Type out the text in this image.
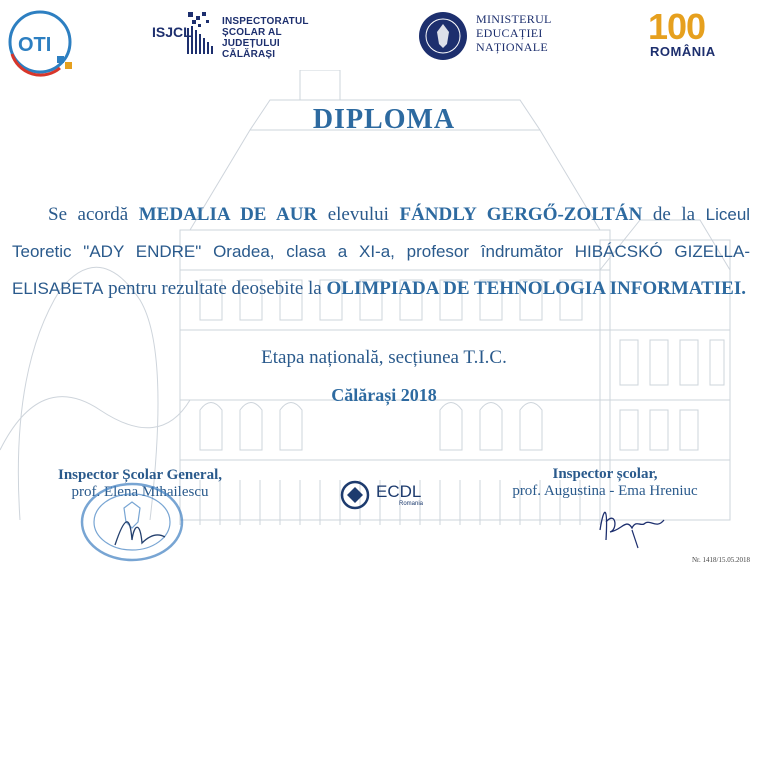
OTI
ISJCL
INSPECTORATUL
ȘCOLAR AL
JUDEȚULUI
CĂLĂRAȘI
MINISTERUL
EDUCAȚIEI
NAȚIONALE	100
ROMÂNIA
DIPLOMA
Se acordă MEDALIA DE AUR elevului FÁNDLY GERGŐ-ZOLTÁN de la Liceul Teoretic "ADY ENDRE" Oradea, clasa a XI-a, profesor îndrumător HIBÁCSKÓ GIZELLA-ELISABETA pentru rezultate deosebite la OLIMPIADA DE TEHNOLOGIA INFORMATIEI.
Etapa națională, secțiunea T.I.C.
Călărași 2018
Inspector Școlar General,
prof. Elena Mihailescu
Inspector școlar,
prof. Augustina - Ema Hreniuc
ECDL
Romania
Nr. 1418/15.05.2018
